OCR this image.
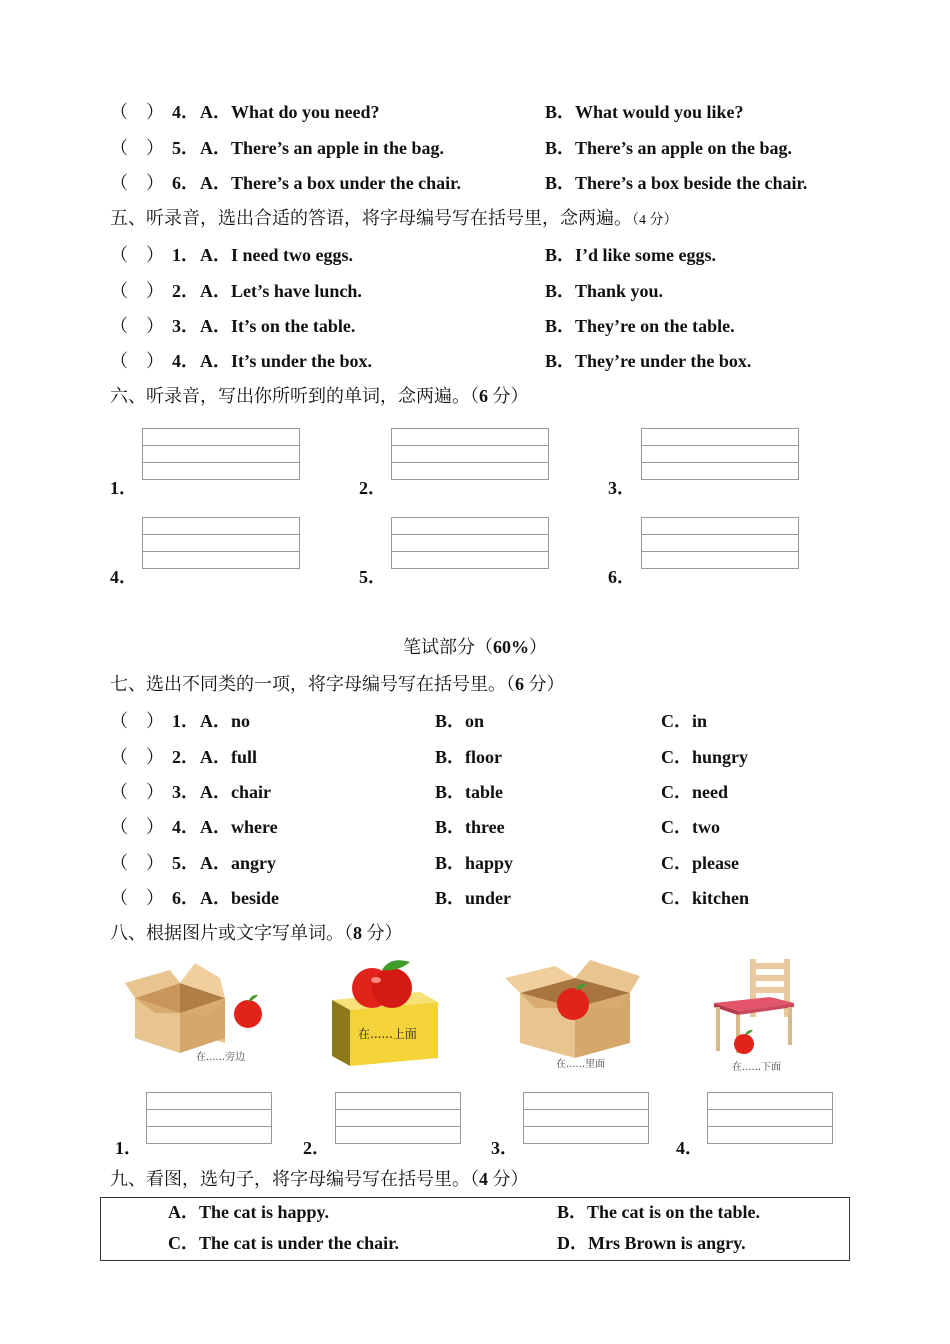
（　） 4． A．What do you need?	B．What would you like?
（　） 5． A．There’s an apple in the bag.	B．There’s an apple on the bag.
（　） 6． A．There’s a box under the chair.	B．There’s a box beside the chair.
五、听录音，选出合适的答语，将字母编号写在括号里，念两遍。（4 分）
（　） 1． A．I need two eggs.	B．I’d like some eggs.
（　） 2． A．Let’s have lunch.	B．Thank you.
（　） 3． A．It’s on the table.	B．They’re on the table.
（　） 4． A．It’s under the box.	B．They’re under the box.
六、听录音，写出你所听到的单词，念两遍。（6 分）
1．	2．	3．
4．	5．	6．
笔试部分（60%）
七、选出不同类的一项，将字母编号写在括号里。（6 分）
（　） 1． A．no	B．on	C．in
（　） 2． A．full	B．floor	C．hungry
（　） 3． A．chair	B．table	C．need
（　） 4． A．where	B．three	C．two
（　） 5． A．angry	B．happy	C．please
（　） 6． A．beside	B．under	C．kitchen
八、根据图片或文字写单词。（8 分）
在......旁边
在......上面
在......里面	在......下面
1．	2．	3．	4．
九、看图，选句子，将字母编号写在括号里。（4 分）
A．The cat is happy.	B．The cat is on the table.
C．The cat is under the chair.	D．Mrs Brown is angry.
